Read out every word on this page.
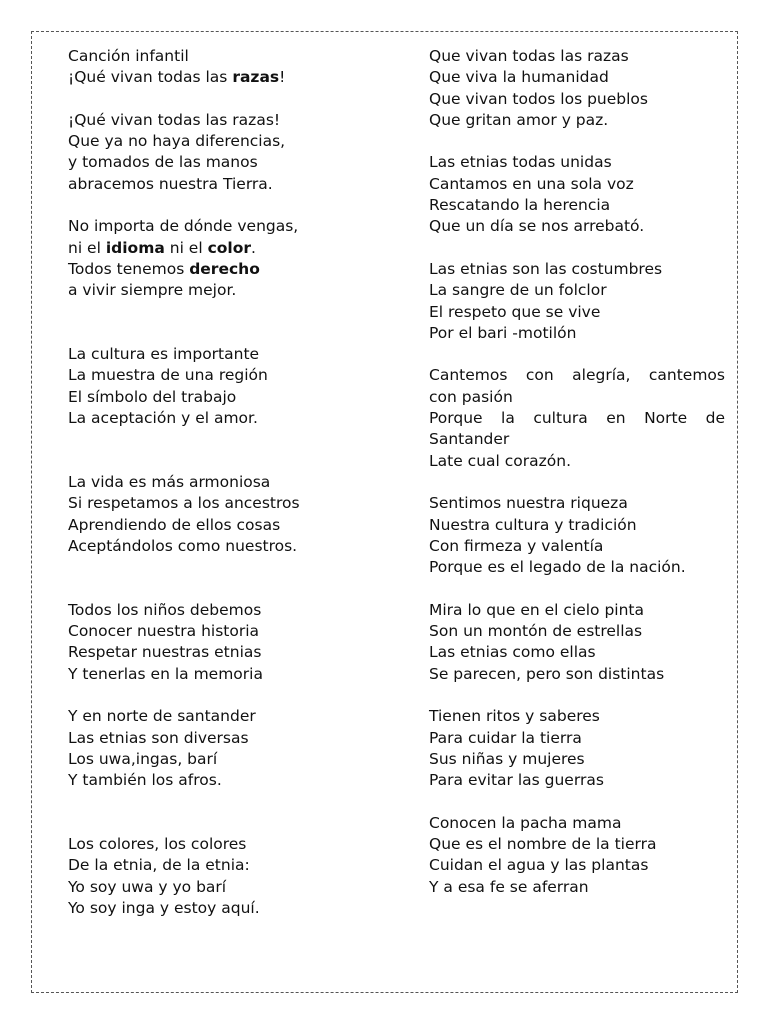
Canción infantil
¡Qué vivan todas las razas!
¡Qué vivan todas las razas!
Que ya no haya diferencias,
y tomados de las manos
abracemos nuestra Tierra.
No importa de dónde vengas,
ni el idioma ni el color.
Todos tenemos derecho
a vivir siempre mejor.
La cultura es importante
La muestra de una región
El símbolo del trabajo
La aceptación y el amor.
La vida es más armoniosa
Si respetamos a los ancestros
Aprendiendo de ellos cosas
Aceptándolos como nuestros.
Todos los niños debemos
Conocer nuestra historia
Respetar nuestras etnias
Y tenerlas en la memoria
Y en norte de santander
Las etnias son diversas
Los uwa,ingas, barí
Y también los afros.
Los colores, los colores
De la etnia, de la etnia:
Yo soy uwa y yo barí
Yo soy inga y estoy aquí.
Que vivan todas las razas
Que viva la humanidad
Que vivan todos los pueblos
Que gritan amor y paz.
Las etnias todas unidas
Cantamos en una sola voz
Rescatando la herencia
Que un día se nos arrebató.
Las etnias son las costumbres
La sangre de un folclor
El respeto que se vive
Por el bari -motilón
Cantemos con alegría, cantemos
con pasión
Porque la cultura en Norte de
Santander
Late cual corazón.
Sentimos nuestra riqueza
Nuestra cultura y tradición
Con firmeza y valentía
Porque es el legado de la nación.
Mira lo que en el cielo pinta
Son un montón de estrellas
Las etnias como ellas
Se parecen, pero son distintas
Tienen ritos y saberes
Para cuidar la tierra
Sus niñas y mujeres
Para evitar las guerras
Conocen la pacha mama
Que es el nombre de la tierra
Cuidan el agua y las plantas
Y a esa fe se aferran
